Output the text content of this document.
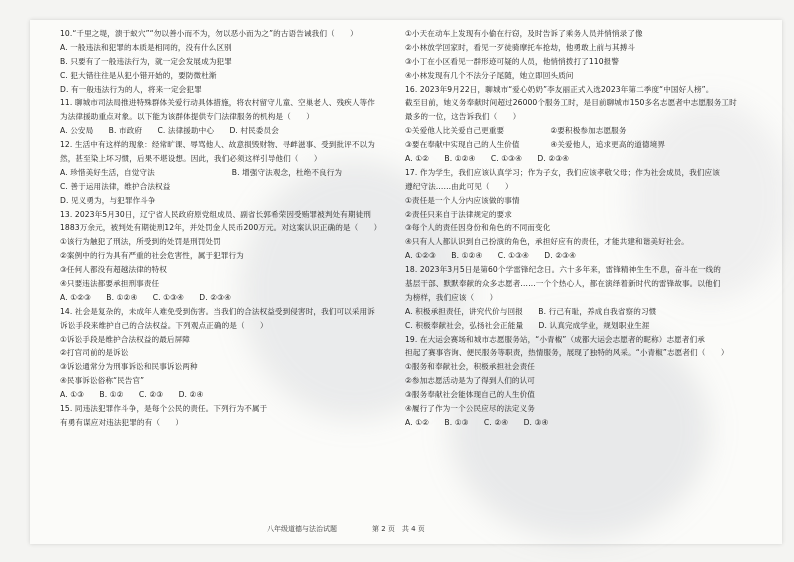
10.“千里之堤，溃于蚁穴”“勿以善小而不为，勿以恶小而为之”的古语告诫我们（　　）
A. 一般违法和犯罪的本质是相同的，没有什么区别
B. 只要有了一般违法行为，就一定会发展成为犯罪
C. 犯大错往往是从犯小错开始的，要防微杜渐
D. 有一般违法行为的人，将来一定会犯罪
11. 聊城市司法局推进特殊群体关爱行动具体措施，将农村留守儿童、空巢老人、残疾人等作
为法律援助重点对象。以下能为该群体提供专门法律服务的机构是（　　）
A. 公安局　　B. 市政府　　C. 法律援助中心　　D. 村民委员会
12. 生活中有这样的现象：经常旷课、辱骂他人、故意损毁财物、寻衅滋事、受到批评不以为
然，甚至染上坏习惯，后果不堪设想。因此，我们必须这样引导他们（　　）
A. 珍惜美好生活，自觉守法　　　　　　　　　　B. 增强守法观念，杜绝不良行为
C. 善于运用法律，维护合法权益
D. 见义勇为，与犯罪作斗争
13. 2023年5月30日，辽宁省人民政府原党组成员、副省长郭希荣因受贿罪被判处有期徒刑
1883万余元，被判处有期徒刑12年，并处罚金人民币200万元。对这案认识正确的是（　　）
①该行为触犯了刑法，所受到的处罚是刑罚处罚
②案例中的行为具有严重的社会危害性，属于犯罪行为
③任何人都没有超越法律的特权
④只要违法都要承担刑事责任
A. ①②③　　B. ①②④　　C. ①③④　　D. ②③④
14. 社会是复杂的，未成年人难免受到伤害。当我们的合法权益受到侵害时，我们可以采用诉
诉讼手段来维护自己的合法权益。下列观点正确的是（　　）
①诉讼手段是维护合法权益的最后屏障
②打官司前的是诉讼
③诉讼通常分为刑事诉讼和民事诉讼两种
④民事诉讼俗称“民告官”
A. ①③　　B. ①②　　C. ②③　　D. ②④
15. 同违法犯罪作斗争，是每个公民的责任。下列行为不属于
有勇有谋应对违法犯罪的有（　　）
①小天在动车上发现有小偷在行窃，及时告诉了乘务人员并悄悄录了像
②小林放学回家时，看见一歹徒骑摩托车抢劫，他勇敢上前与其搏斗
③小丁在小区看见一群形迹可疑的人员，他悄悄拨打了110报警
④小林发现有几个不法分子尾随，她立即回头质问
16. 2023年9月22日，聊城市“爱心奶奶”李友丽正式入选2023年第二季度“中国好人榜”。
截至目前，她义务奉献时间超过26000个服务工时，是目前聊城市150多名志愿者中志愿服务工时
最多的一位，这告诉我们（　　）
①关爱他人比关爱自己更重要　　　　　　②要积极参加志愿服务
③要在奉献中实现自己的人生价值　　　　④关爱他人，追求更高的道德境界
A. ①②　　B. ①②④　　C. ①③④　　D. ②③④
17. 作为学生，我们应该认真学习；作为子女，我们应该孝敬父母；作为社会成员，我们应该
遵纪守法……由此可见（　　）
①责任是一个人分内应该做的事情
②责任只来自于法律规定的要求
③每个人的责任因身份和角色的不同而变化
④只有人人都认识到自己扮演的角色，承担好应有的责任，才能共建和谐美好社会。
A. ①②③　　B. ①②④　　C. ①③④　　D. ②③④
18. 2023年3月5日是第60个学雷锋纪念日。六十多年来，雷锋精神生生不息，奋斗在一线的
基层干部、默默奉献的众多志愿者……一个个热心人，都在演绎着新时代的雷锋故事。以他们
为榜样，我们应该（　　）
A. 积极承担责任，讲究代价与回报　　B. 行己有耻，养成自我省察的习惯
C. 积极奉献社会，弘扬社会正能量　　D. 认真完成学业，规划职业生涯
19. 在大运会赛场和城市志愿服务站，“小青椒”（成都大运会志愿者的昵称）志愿者们承
担起了赛事咨询、便民服务等职责，热情服务，展现了独特的风采。“小青椒”志愿者们（　　）
①服务和奉献社会，积极承担社会责任
②参加志愿活动是为了得到人们的认可
③服务奉献社会能体现自己的人生价值
④履行了作为一个公民应尽的法定义务
A. ①②　　B. ①③　　C. ②④　　D. ③④
八年级道德与法治试题	第 2 页　共 4 页
